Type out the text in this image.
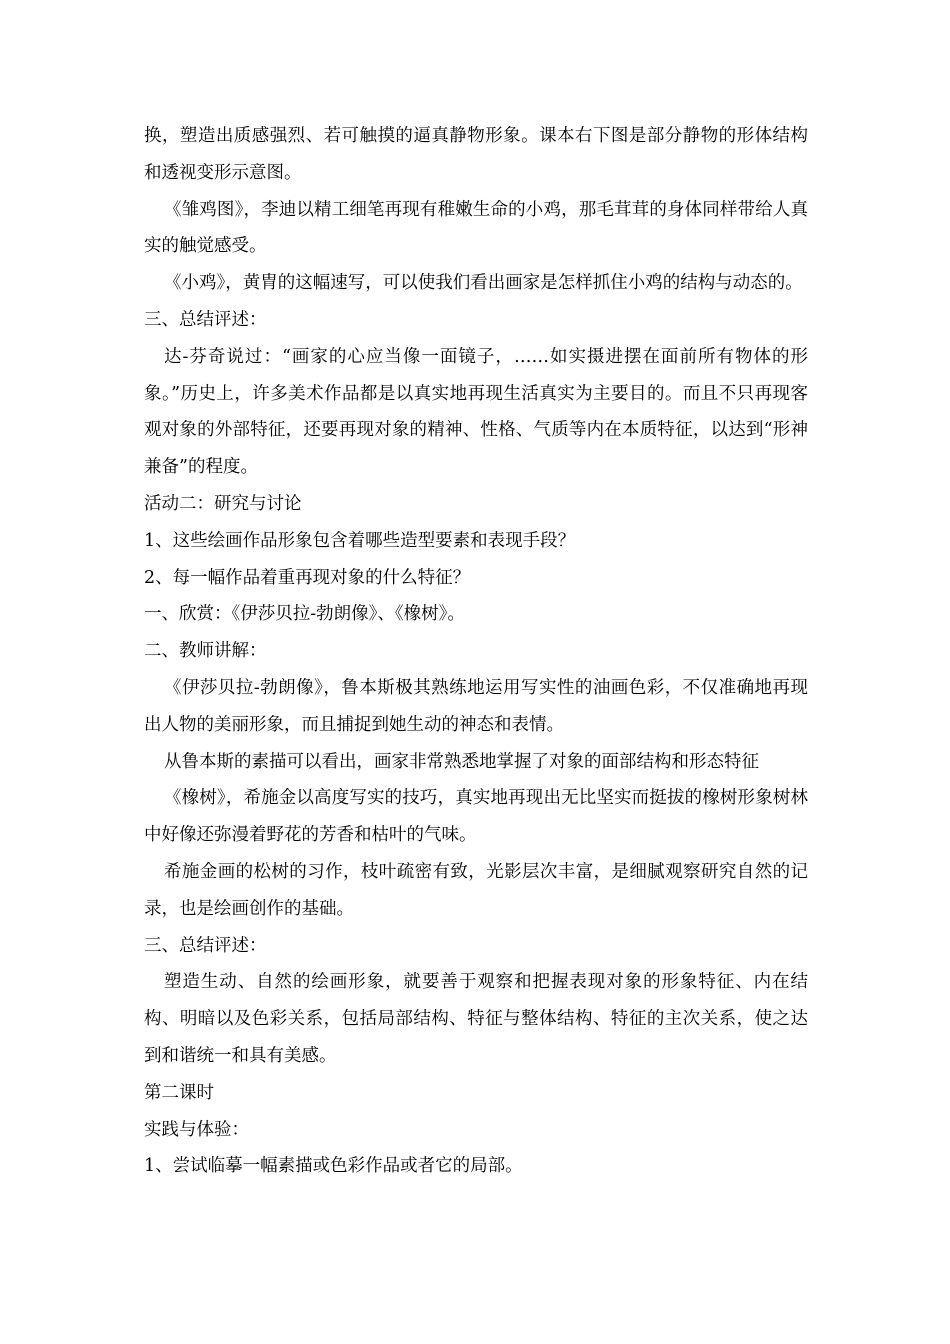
换，塑造出质感强烈、若可触摸的逼真静物形象。课本右下图是部分静物的形体结构和透视变形示意图。

《雏鸡图》，李迪以精工细笔再现有稚嫩生命的小鸡，那毛茸茸的身体同样带给人真实的触觉感受。

《小鸡》，黄胄的这幅速写，可以使我们看出画家是怎样抓住小鸡的结构与动态的。

三、总结评述：

达-芬奇说过：“画家的心应当像一面镜子，……如实摄进摆在面前所有物体的形象。”历史上，许多美术作品都是以真实地再现生活真实为主要目的。而且不只再现客观对象的外部特征，还要再现对象的精神、性格、气质等内在本质特征，以达到“形神兼备”的程度。

活动二：研究与讨论

1、这些绘画作品形象包含着哪些造型要素和表现手段？

2、每一幅作品着重再现对象的什么特征？

一、欣赏：《伊莎贝拉-勃朗像》、《橡树》。

二、教师讲解：

《伊莎贝拉-勃朗像》，鲁本斯极其熟练地运用写实性的油画色彩，不仅准确地再现出人物的美丽形象，而且捕捉到她生动的神态和表情。

从鲁本斯的素描可以看出，画家非常熟悉地掌握了对象的面部结构和形态特征

《橡树》，希施金以高度写实的技巧，真实地再现出无比坚实而挺拔的橡树形象树林中好像还弥漫着野花的芳香和枯叶的气味。

希施金画的松树的习作，枝叶疏密有致，光影层次丰富，是细腻观察研究自然的记录，也是绘画创作的基础。

三、总结评述：

塑造生动、自然的绘画形象，就要善于观察和把握表现对象的形象特征、内在结构、明暗以及色彩关系，包括局部结构、特征与整体结构、特征的主次关系，使之达到和谐统一和具有美感。

第二课时

实践与体验：

1、尝试临摹一幅素描或色彩作品或者它的局部。
